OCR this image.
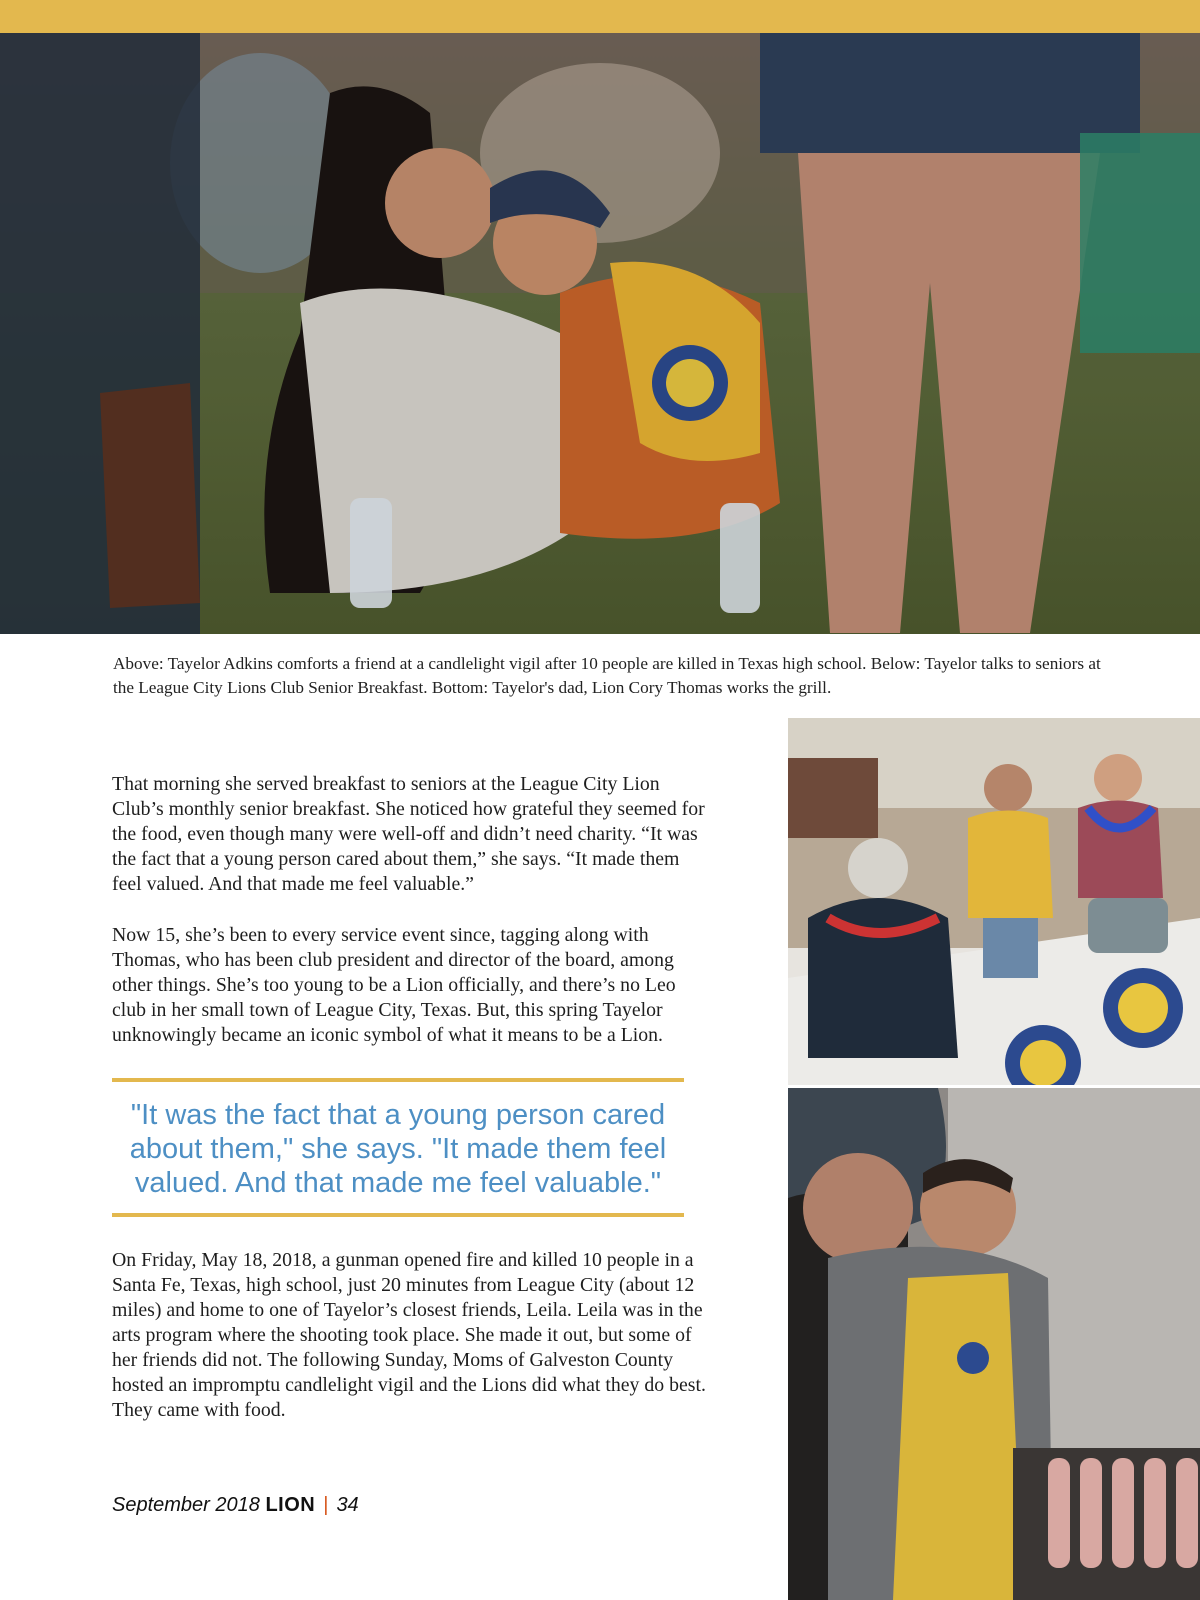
Above: Tayelor Adkins comforts a friend at a candlelight vigil after 10 people are killed in Texas high school. Below: Tayelor talks to seniors at the League City Lions Club Senior Breakfast. Bottom: Tayelor's dad, Lion Cory Thomas works the grill.

That morning she served breakfast to seniors at the League City Lion Club’s monthly senior breakfast. She noticed how grateful they seemed for the food, even though many were well-off and didn’t need charity. “It was the fact that a young person cared about them,” she says. “It made them feel valued. And that made me feel valuable.”

Now 15, she’s been to every service event since, tagging along with Thomas, who has been club president and director of the board, among other things. She’s too young to be a Lion officially, and there’s no Leo club in her small town of League City, Texas. But, this spring Tayelor unknowingly became an iconic symbol of what it means to be a Lion.

"It was the fact that a young person cared about them," she says. "It made them feel valued. And that made me feel valuable."

On Friday, May 18, 2018, a gunman opened fire and killed 10 people in a Santa Fe, Texas, high school, just 20 minutes from League City (about 12 miles) and home to one of Tayelor’s closest friends, Leila. Leila was in the arts program where the shooting took place. She made it out, but some of her friends did not. The following Sunday, Moms of Galveston County hosted an impromptu candlelight vigil and the Lions did what they do best. They came with food.

September 2018 LION | 34
